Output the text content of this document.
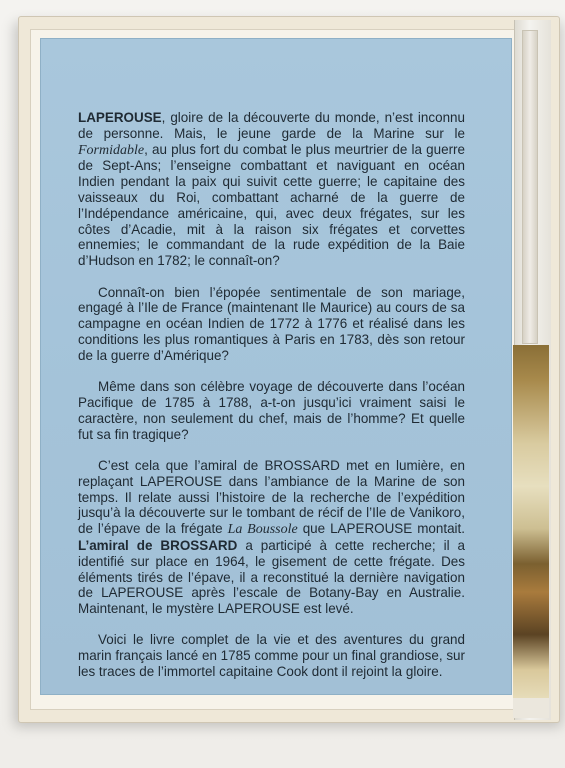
LAPEROUSE, gloire de la découverte du monde, n’est inconnu de personne. Mais, le jeune garde de la Marine sur le Formidable, au plus fort du combat le plus meurtrier de la guerre de Sept-Ans; l’enseigne combattant et naviguant en océan Indien pendant la paix qui suivit cette guerre; le capitaine des vaisseaux du Roi, combattant acharné de la guerre de l’Indépendance américaine, qui, avec deux frégates, sur les côtes d’Acadie, mit à la raison six frégates et corvettes ennemies; le commandant de la rude expédition de la Baie d’Hudson en 1782; le connaît-on?

Connaît-on bien l’épopée sentimentale de son mariage, engagé à l’Ile de France (maintenant Ile Maurice) au cours de sa campagne en océan Indien de 1772 à 1776 et réalisé dans les conditions les plus romantiques à Paris en 1783, dès son retour de la guerre d’Amérique?

Même dans son célèbre voyage de découverte dans l’océan Pacifique de 1785 à 1788, a-t-on jusqu’ici vraiment saisi le caractère, non seulement du chef, mais de l’homme? Et quelle fut sa fin tragique?

C’est cela que l’amiral de BROSSARD met en lumière, en replaçant LAPEROUSE dans l’ambiance de la Marine de son temps. Il relate aussi l’histoire de la recherche de l’expédition jusqu’à la découverte sur le tombant de récif de l’Ile de Vanikoro, de l’épave de la frégate La Boussole que LAPEROUSE montait. L’amiral de BROSSARD a participé à cette recherche; il a identifié sur place en 1964, le gisement de cette frégate. Des éléments tirés de l’épave, il a reconstitué la dernière navigation de LAPEROUSE après l’escale de Botany-Bay en Australie. Maintenant, le mystère LAPEROUSE est levé.

Voici le livre complet de la vie et des aventures du grand marin français lancé en 1785 comme pour un final grandiose, sur les traces de l’immortel capitaine Cook dont il rejoint la gloire.
